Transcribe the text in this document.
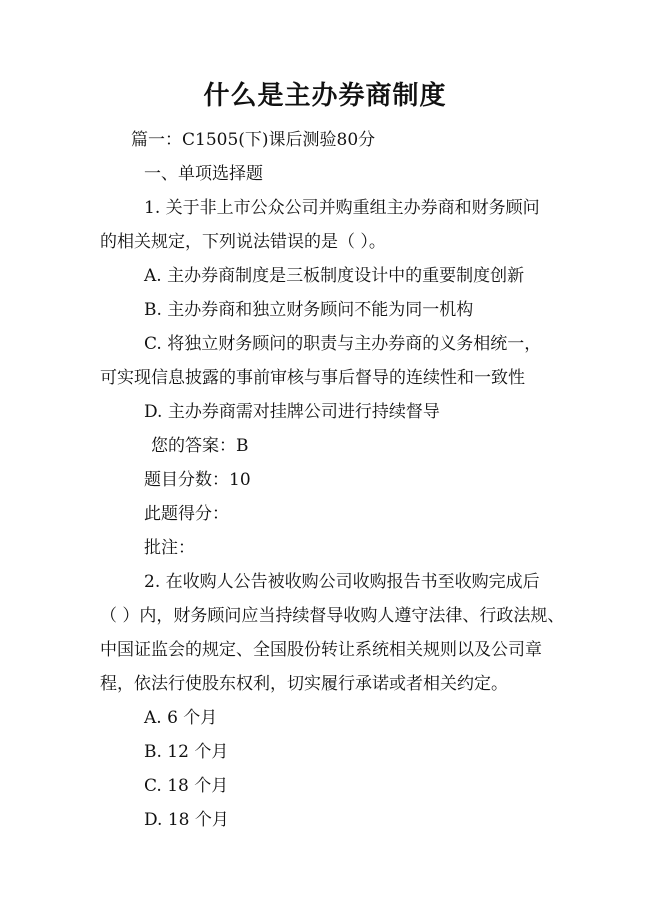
什么是主办券商制度
篇一：C1505(下)课后测验80分
一、单项选择题
1. 关于非上市公众公司并购重组主办券商和财务顾问
的相关规定，下列说法错误的是（ ）。
A. 主办券商制度是三板制度设计中的重要制度创新
B. 主办券商和独立财务顾问不能为同一机构
C. 将独立财务顾问的职责与主办券商的义务相统一，
可实现信息披露的事前审核与事后督导的连续性和一致性
D. 主办券商需对挂牌公司进行持续督导
您的答案：B
题目分数：10
此题得分：
批注：
2. 在收购人公告被收购公司收购报告书至收购完成后
（ ）内，财务顾问应当持续督导收购人遵守法律、行政法规、
中国证监会的规定、全国股份转让系统相关规则以及公司章
程，依法行使股东权利，切实履行承诺或者相关约定。
A. 6 个月
B. 12 个月
C. 18 个月
D. 18 个月
